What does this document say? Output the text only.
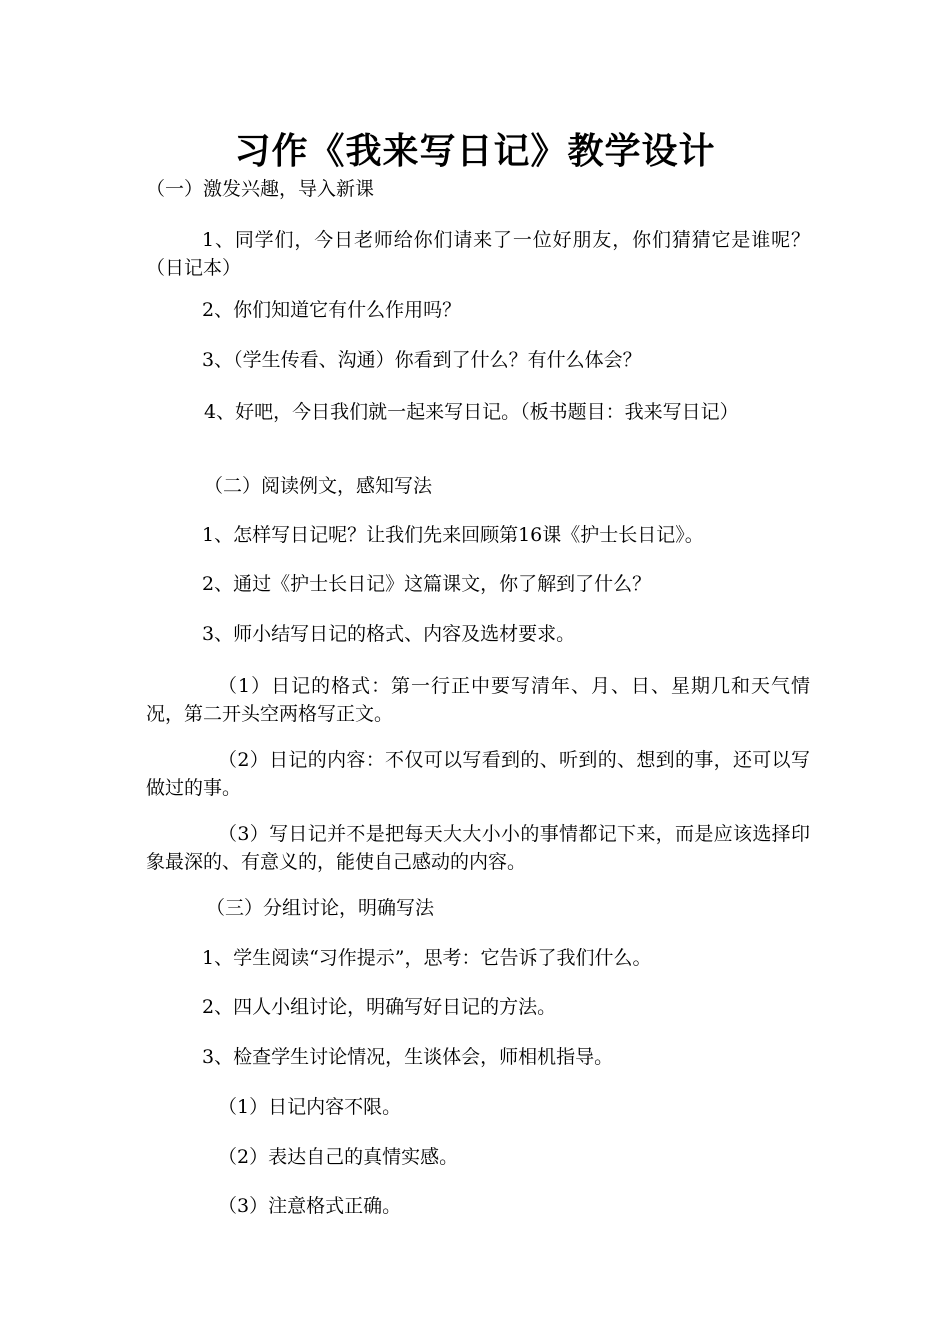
习作《我来写日记》教学设计
（一）激发兴趣，导入新课
1、同学们，今日老师给你们请来了一位好朋友，你们猜猜它是谁呢？（日记本）
2、你们知道它有什么作用吗？
3、（学生传看、沟通）你看到了什么？有什么体会？
4、好吧，今日我们就一起来写日记。（板书题目：我来写日记）
（二）阅读例文，感知写法
1、怎样写日记呢？让我们先来回顾第16课《护士长日记》。
2、通过《护士长日记》这篇课文，你了解到了什么？
3、师小结写日记的格式、内容及选材要求。
（1）日记的格式：第一行正中要写清年、月、日、星期几和天气情况，第二开头空两格写正文。
（2）日记的内容：不仅可以写看到的、听到的、想到的事，还可以写做过的事。
（3）写日记并不是把每天大大小小的事情都记下来，而是应该选择印象最深的、有意义的，能使自己感动的内容。
（三）分组讨论，明确写法
1、学生阅读“习作提示”，思考：它告诉了我们什么。
2、四人小组讨论，明确写好日记的方法。
3、检查学生讨论情况，生谈体会，师相机指导。
（1）日记内容不限。
（2）表达自己的真情实感。
（3）注意格式正确。
